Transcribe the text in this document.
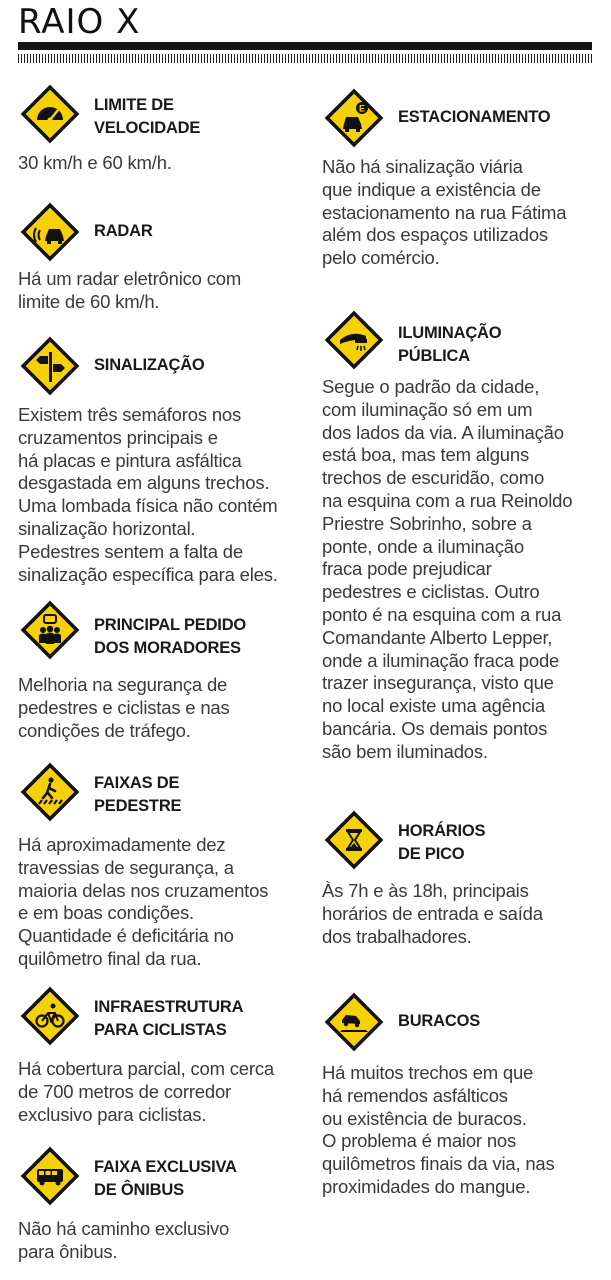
RAIO X
LIMITE DE
VELOCIDADE
30 km/h e 60 km/h.
RADAR
Há um radar eletrônico com
limite de 60 km/h.
SINALIZAÇÃO
Existem três semáforos nos
cruzamentos principais e
há placas e pintura asfáltica
desgastada em alguns trechos.
Uma lombada física não contém
sinalização horizontal.
Pedestres sentem a falta de
sinalização específica para eles.
PRINCIPAL PEDIDO
DOS MORADORES
Melhoria na segurança de
pedestres e ciclistas e nas
condições de tráfego.
FAIXAS DE
PEDESTRE
Há aproximadamente dez
travessias de segurança, a
maioria delas nos cruzamentos
e em boas condições.
Quantidade é deficitária no
quilômetro final da rua.
INFRAESTRUTURA
PARA CICLISTAS
Há cobertura parcial, com cerca
de 700 metros de corredor
exclusivo para ciclistas.
FAIXA EXCLUSIVA
DE ÔNIBUS
Não há caminho exclusivo
para ônibus.
E ESTACIONAMENTO
Não há sinalização viária
que indique a existência de
estacionamento na rua Fátima
além dos espaços utilizados
pelo comércio.
ILUMINAÇÃO
PÚBLICA
Segue o padrão da cidade,
com iluminação só em um
dos lados da via. A iluminação
está boa, mas tem alguns
trechos de escuridão, como
na esquina com a rua Reinoldo
Priestre Sobrinho, sobre a
ponte, onde a iluminação
fraca pode prejudicar
pedestres e ciclistas. Outro
ponto é na esquina com a rua
Comandante Alberto Lepper,
onde a iluminação fraca pode
trazer insegurança, visto que
no local existe uma agência
bancária. Os demais pontos
são bem iluminados.
HORÁRIOS
DE PICO
Às 7h e às 18h, principais
horários de entrada e saída
dos trabalhadores.
BURACOS
Há muitos trechos em que
há remendos asfálticos
ou existência de buracos.
O problema é maior nos
quilômetros finais da via, nas
proximidades do mangue.
